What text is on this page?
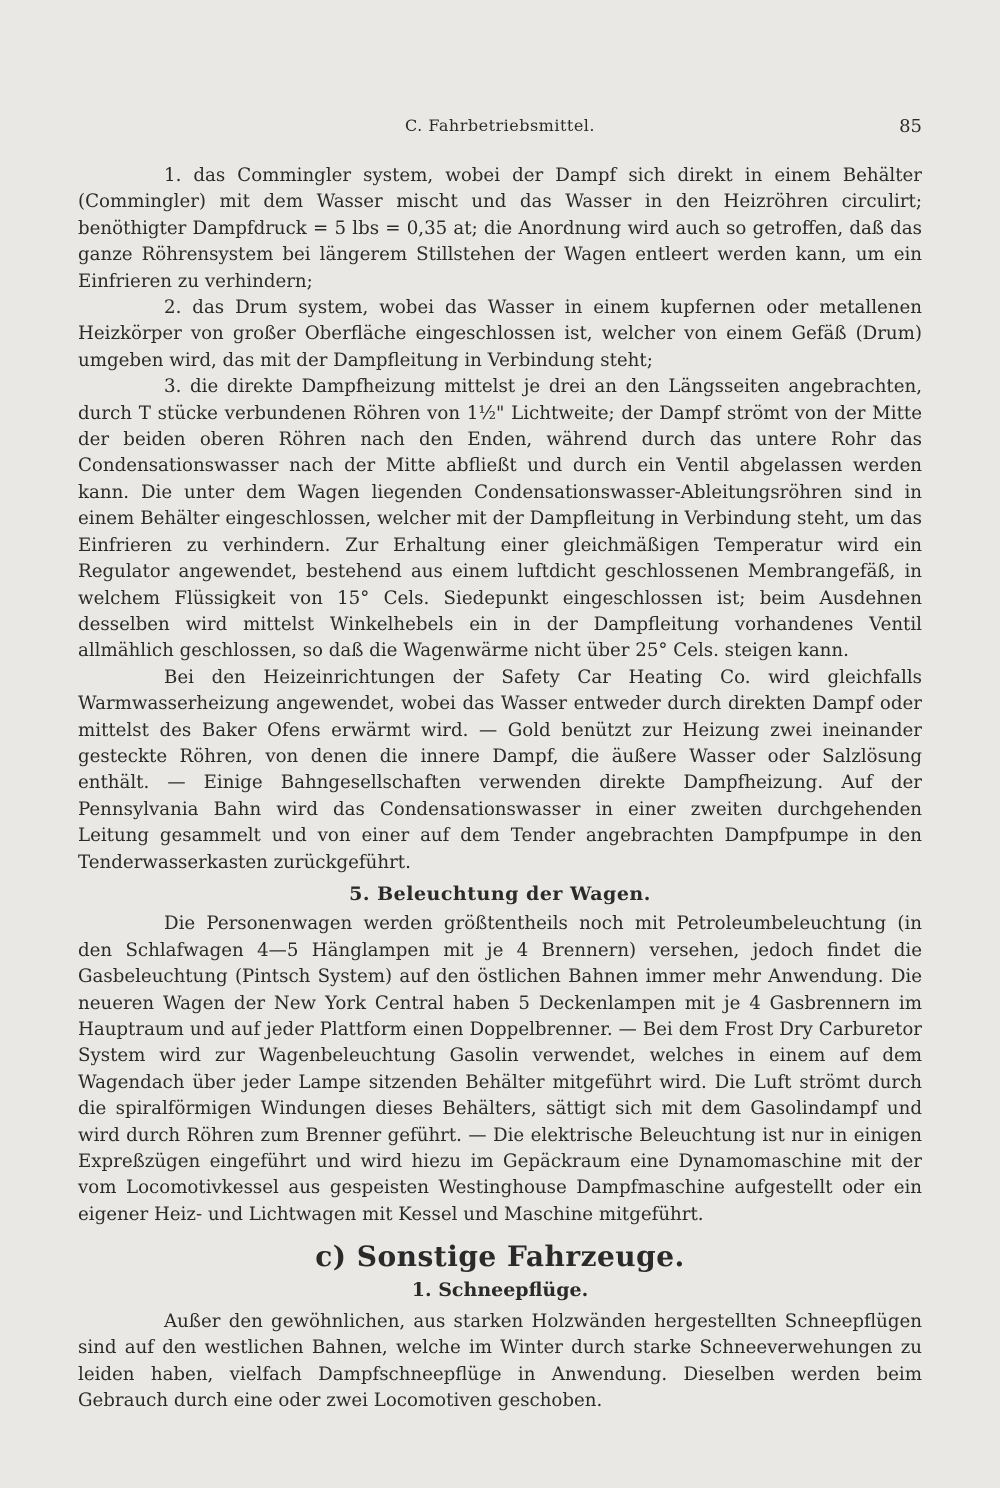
C. Fahrbetriebsmittel.	85

1. das Commingler system, wobei der Dampf sich direkt in einem Behälter (Commingler) mit dem Wasser mischt und das Wasser in den Heizröhren circulirt; benöthigter Dampfdruck = 5 lbs = 0,35 at; die Anordnung wird auch so getroffen, daß das ganze Röhrensystem bei längerem Stillstehen der Wagen entleert werden kann, um ein Einfrieren zu verhindern;

2. das Drum system, wobei das Wasser in einem kupfernen oder metallenen Heizkörper von großer Oberfläche eingeschlossen ist, welcher von einem Gefäß (Drum) umgeben wird, das mit der Dampfleitung in Verbindung steht;

3. die direkte Dampfheizung mittelst je drei an den Längsseiten angebrachten, durch T stücke verbundenen Röhren von 1½" Lichtweite; der Dampf strömt von der Mitte der beiden oberen Röhren nach den Enden, während durch das untere Rohr das Condensationswasser nach der Mitte abfließt und durch ein Ventil abgelassen werden kann. Die unter dem Wagen liegenden Condensationswasser-Ableitungsröhren sind in einem Behälter eingeschlossen, welcher mit der Dampfleitung in Verbindung steht, um das Einfrieren zu verhindern. Zur Erhaltung einer gleichmäßigen Temperatur wird ein Regulator angewendet, bestehend aus einem luftdicht geschlossenen Membrangefäß, in welchem Flüssigkeit von 15° Cels. Siedepunkt eingeschlossen ist; beim Ausdehnen desselben wird mittelst Winkelhebels ein in der Dampfleitung vorhandenes Ventil allmählich geschlossen, so daß die Wagenwärme nicht über 25° Cels. steigen kann.

Bei den Heizeinrichtungen der Safety Car Heating Co. wird gleichfalls Warmwasserheizung angewendet, wobei das Wasser entweder durch direkten Dampf oder mittelst des Baker Ofens erwärmt wird. — Gold benützt zur Heizung zwei ineinander gesteckte Röhren, von denen die innere Dampf, die äußere Wasser oder Salzlösung enthält. — Einige Bahngesellschaften verwenden direkte Dampfheizung. Auf der Pennsylvania Bahn wird das Condensationswasser in einer zweiten durchgehenden Leitung gesammelt und von einer auf dem Tender angebrachten Dampfpumpe in den Tenderwasserkasten zurückgeführt.

5. Beleuchtung der Wagen.

Die Personenwagen werden größtentheils noch mit Petroleumbeleuchtung (in den Schlafwagen 4—5 Hänglampen mit je 4 Brennern) versehen, jedoch findet die Gasbeleuchtung (Pintsch System) auf den östlichen Bahnen immer mehr Anwendung. Die neueren Wagen der New York Central haben 5 Deckenlampen mit je 4 Gasbrennern im Hauptraum und auf jeder Plattform einen Doppelbrenner. — Bei dem Frost Dry Carburetor System wird zur Wagenbeleuchtung Gasolin verwendet, welches in einem auf dem Wagendach über jeder Lampe sitzenden Behälter mitgeführt wird. Die Luft strömt durch die spiralförmigen Windungen dieses Behälters, sättigt sich mit dem Gasolindampf und wird durch Röhren zum Brenner geführt. — Die elektrische Beleuchtung ist nur in einigen Expreßzügen eingeführt und wird hiezu im Gepäckraum eine Dynamomaschine mit der vom Locomotivkessel aus gespeisten Westinghouse Dampfmaschine aufgestellt oder ein eigener Heiz- und Lichtwagen mit Kessel und Maschine mitgeführt.

c) Sonstige Fahrzeuge.
1. Schneepflüge.

Außer den gewöhnlichen, aus starken Holzwänden hergestellten Schneepflügen sind auf den westlichen Bahnen, welche im Winter durch starke Schneeverwehungen zu leiden haben, vielfach Dampfschneepflüge in Anwendung. Dieselben werden beim Gebrauch durch eine oder zwei Locomotiven geschoben.
